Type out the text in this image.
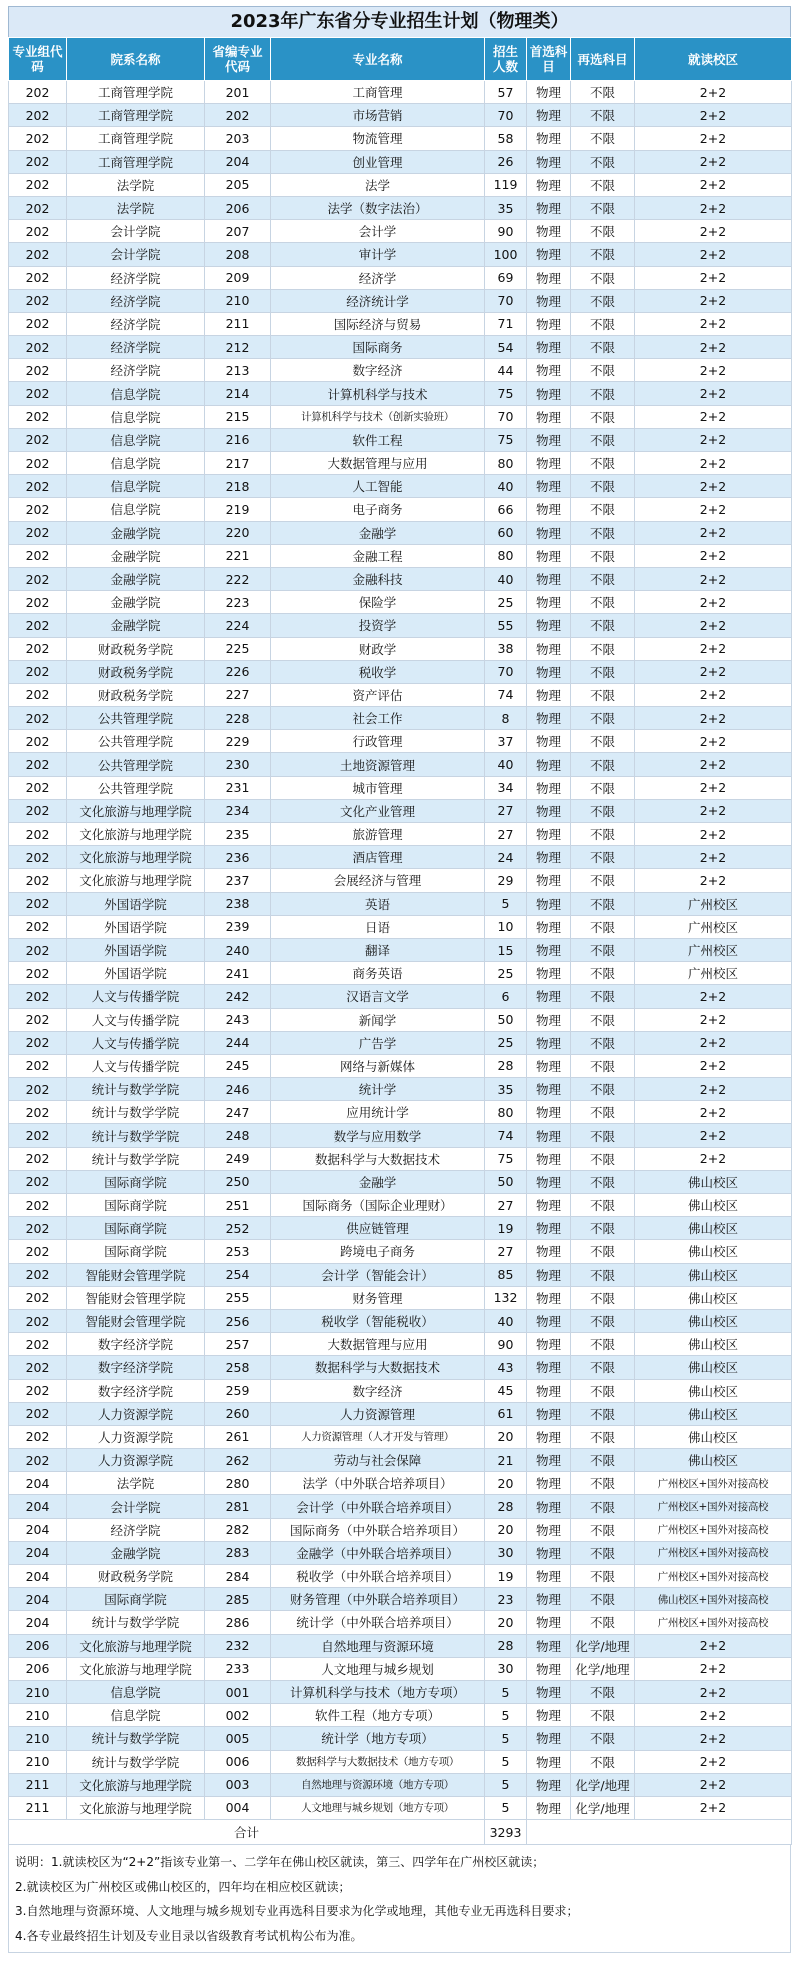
2023年广东省分专业招生计划（物理类）
专业组代码	院系名称	省编专业代码	专业名称	招生人数	首选科目	再选科目	就读校区
202	工商管理学院	201	工商管理	57	物理	不限	2+2
202	工商管理学院	202	市场营销	70	物理	不限	2+2
202	工商管理学院	203	物流管理	58	物理	不限	2+2
202	工商管理学院	204	创业管理	26	物理	不限	2+2
202	法学院	205	法学	119	物理	不限	2+2
202	法学院	206	法学（数字法治）	35	物理	不限	2+2
202	会计学院	207	会计学	90	物理	不限	2+2
202	会计学院	208	审计学	100	物理	不限	2+2
202	经济学院	209	经济学	69	物理	不限	2+2
202	经济学院	210	经济统计学	70	物理	不限	2+2
202	经济学院	211	国际经济与贸易	71	物理	不限	2+2
202	经济学院	212	国际商务	54	物理	不限	2+2
202	经济学院	213	数字经济	44	物理	不限	2+2
202	信息学院	214	计算机科学与技术	75	物理	不限	2+2
202	信息学院	215	计算机科学与技术（创新实验班）	70	物理	不限	2+2
202	信息学院	216	软件工程	75	物理	不限	2+2
202	信息学院	217	大数据管理与应用	80	物理	不限	2+2
202	信息学院	218	人工智能	40	物理	不限	2+2
202	信息学院	219	电子商务	66	物理	不限	2+2
202	金融学院	220	金融学	60	物理	不限	2+2
202	金融学院	221	金融工程	80	物理	不限	2+2
202	金融学院	222	金融科技	40	物理	不限	2+2
202	金融学院	223	保险学	25	物理	不限	2+2
202	金融学院	224	投资学	55	物理	不限	2+2
202	财政税务学院	225	财政学	38	物理	不限	2+2
202	财政税务学院	226	税收学	70	物理	不限	2+2
202	财政税务学院	227	资产评估	74	物理	不限	2+2
202	公共管理学院	228	社会工作	8	物理	不限	2+2
202	公共管理学院	229	行政管理	37	物理	不限	2+2
202	公共管理学院	230	土地资源管理	40	物理	不限	2+2
202	公共管理学院	231	城市管理	34	物理	不限	2+2
202	文化旅游与地理学院	234	文化产业管理	27	物理	不限	2+2
202	文化旅游与地理学院	235	旅游管理	27	物理	不限	2+2
202	文化旅游与地理学院	236	酒店管理	24	物理	不限	2+2
202	文化旅游与地理学院	237	会展经济与管理	29	物理	不限	2+2
202	外国语学院	238	英语	5	物理	不限	广州校区
202	外国语学院	239	日语	10	物理	不限	广州校区
202	外国语学院	240	翻译	15	物理	不限	广州校区
202	外国语学院	241	商务英语	25	物理	不限	广州校区
202	人文与传播学院	242	汉语言文学	6	物理	不限	2+2
202	人文与传播学院	243	新闻学	50	物理	不限	2+2
202	人文与传播学院	244	广告学	25	物理	不限	2+2
202	人文与传播学院	245	网络与新媒体	28	物理	不限	2+2
202	统计与数学学院	246	统计学	35	物理	不限	2+2
202	统计与数学学院	247	应用统计学	80	物理	不限	2+2
202	统计与数学学院	248	数学与应用数学	74	物理	不限	2+2
202	统计与数学学院	249	数据科学与大数据技术	75	物理	不限	2+2
202	国际商学院	250	金融学	50	物理	不限	佛山校区
202	国际商学院	251	国际商务（国际企业理财）	27	物理	不限	佛山校区
202	国际商学院	252	供应链管理	19	物理	不限	佛山校区
202	国际商学院	253	跨境电子商务	27	物理	不限	佛山校区
202	智能财会管理学院	254	会计学（智能会计）	85	物理	不限	佛山校区
202	智能财会管理学院	255	财务管理	132	物理	不限	佛山校区
202	智能财会管理学院	256	税收学（智能税收）	40	物理	不限	佛山校区
202	数字经济学院	257	大数据管理与应用	90	物理	不限	佛山校区
202	数字经济学院	258	数据科学与大数据技术	43	物理	不限	佛山校区
202	数字经济学院	259	数字经济	45	物理	不限	佛山校区
202	人力资源学院	260	人力资源管理	61	物理	不限	佛山校区
202	人力资源学院	261	人力资源管理（人才开发与管理）	20	物理	不限	佛山校区
202	人力资源学院	262	劳动与社会保障	21	物理	不限	佛山校区
204	法学院	280	法学（中外联合培养项目）	20	物理	不限	广州校区+国外对接高校
204	会计学院	281	会计学（中外联合培养项目）	28	物理	不限	广州校区+国外对接高校
204	经济学院	282	国际商务（中外联合培养项目）	20	物理	不限	广州校区+国外对接高校
204	金融学院	283	金融学（中外联合培养项目）	30	物理	不限	广州校区+国外对接高校
204	财政税务学院	284	税收学（中外联合培养项目）	19	物理	不限	广州校区+国外对接高校
204	国际商学院	285	财务管理（中外联合培养项目）	23	物理	不限	佛山校区+国外对接高校
204	统计与数学学院	286	统计学（中外联合培养项目）	20	物理	不限	广州校区+国外对接高校
206	文化旅游与地理学院	232	自然地理与资源环境	28	物理	化学/地理	2+2
206	文化旅游与地理学院	233	人文地理与城乡规划	30	物理	化学/地理	2+2
210	信息学院	001	计算机科学与技术（地方专项）	5	物理	不限	2+2
210	信息学院	002	软件工程（地方专项）	5	物理	不限	2+2
210	统计与数学学院	005	统计学（地方专项）	5	物理	不限	2+2
210	统计与数学学院	006	数据科学与大数据技术（地方专项）	5	物理	不限	2+2
211	文化旅游与地理学院	003	自然地理与资源环境（地方专项）	5	物理	化学/地理	2+2
211	文化旅游与地理学院	004	人文地理与城乡规划（地方专项）	5	物理	化学/地理	2+2
合计				3293			

说明：1.就读校区为“2+2”指该专业第一、二学年在佛山校区就读，第三、四学年在广州校区就读；

2.就读校区为广州校区或佛山校区的，四年均在相应校区就读；

3.自然地理与资源环境、人文地理与城乡规划专业再选科目要求为化学或地理，其他专业无再选科目要求；

4.各专业最终招生计划及专业目录以省级教育考试机构公布为准。
